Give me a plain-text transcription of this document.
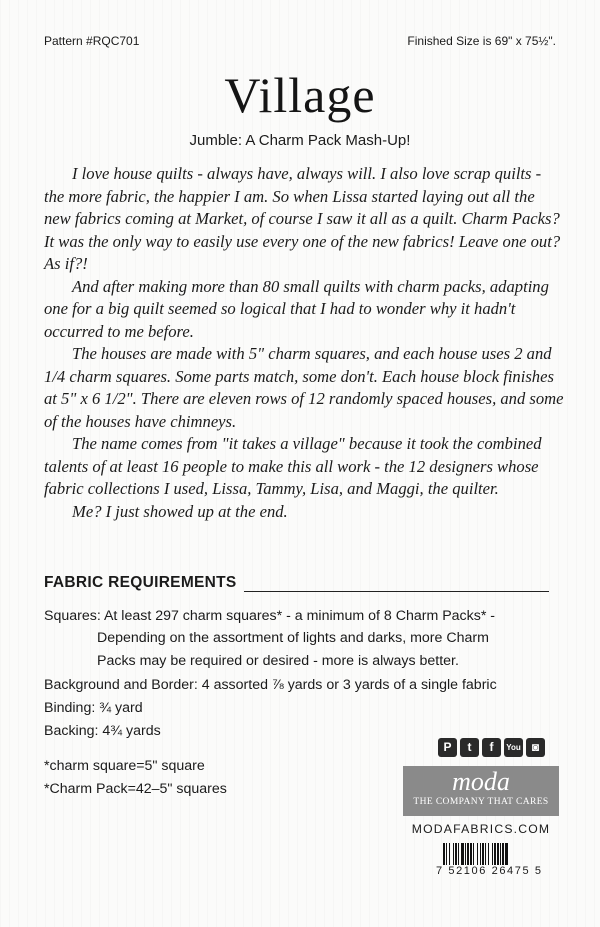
Pattern #RQC701	Finished Size is 69" x 75½".
Village
Jumble: A Charm Pack Mash-Up!

I love house quilts - always have, always will. I also love scrap quilts - the more fabric, the happier I am. So when Lissa started laying out all the new fabrics coming at Market, of course I saw it all as a quilt. Charm Packs? It was the only way to easily use every one of the new fabrics! Leave one out? As if?!

And after making more than 80 small quilts with charm packs, adapting one for a big quilt seemed so logical that I had to wonder why it hadn't occurred to me before.

The houses are made with 5" charm squares, and each house uses 2 and 1/4 charm squares. Some parts match, some don't. Each house block finishes at 5" x 6 1/2". There are eleven rows of 12 randomly spaced houses, and some of the houses have chimneys.

The name comes from "it takes a village" because it took the combined talents of at least 16 people to make this all work - the 12 designers whose fabric collections I used, Lissa, Tammy, Lisa, and Maggi, the quilter.

Me? I just showed up at the end.

FABRIC REQUIREMENTS
Squares: At least 297 charm squares* - a minimum of 8 Charm Packs* -
Depending on the assortment of lights and darks, more Charm
Packs may be required or desired - more is always better.
Background and Border: 4 assorted ⅞ yards or 3 yards of a single fabric
Binding: ¾ yard
Backing: 4¾ yards
*charm square=5" square
*Charm Pack=42–5" squares
P	t	f	You ◙
moda
THE COMPANY THAT CARES
MODAFABRICS.COM
7 52106 26475 5
